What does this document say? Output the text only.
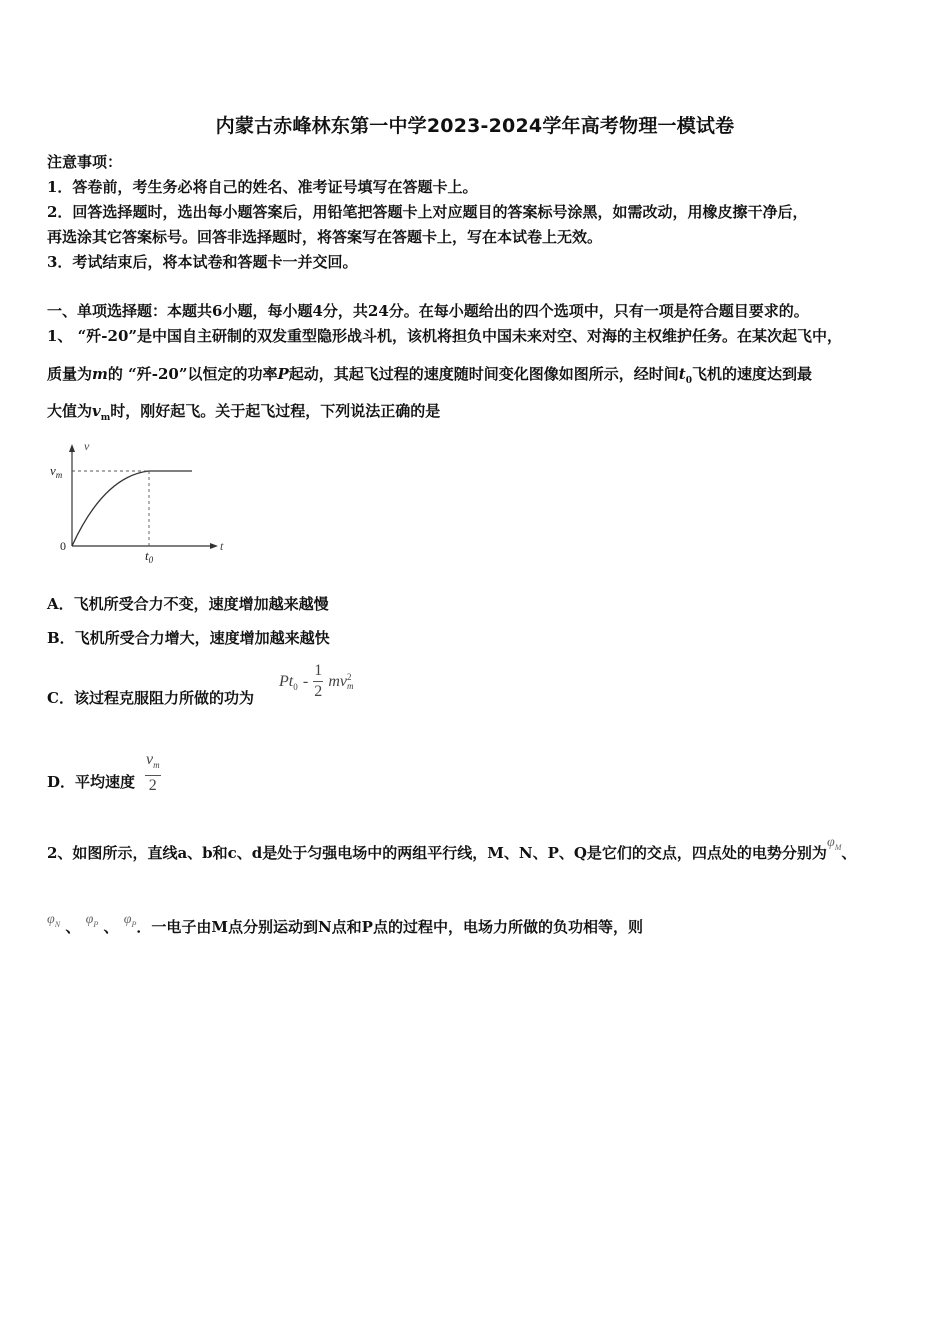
内蒙古赤峰林东第一中学2023-2024学年高考物理一模试卷
注意事项：
1．答卷前，考生务必将自己的姓名、准考证号填写在答题卡上。
2．回答选择题时，选出每小题答案后，用铅笔把答题卡上对应题目的答案标号涂黑，如需改动，用橡皮擦干净后，
再选涂其它答案标号。回答非选择题时，将答案写在答题卡上，写在本试卷上无效。
3．考试结束后，将本试卷和答题卡一并交回。
一、单项选择题：本题共6小题，每小题4分，共24分。在每小题给出的四个选项中，只有一项是符合题目要求的。
1、 “歼-20”是中国自主研制的双发重型隐形战斗机，该机将担负中国未来对空、对海的主权维护任务。在某次起飞中，
质量为m的 “歼-20”以恒定的功率P起动，其起飞过程的速度随时间变化图像如图所示，经时间$t_0$飞机的速度达到最
大值为$v_m$时，刚好起飞。关于起飞过程，下列说法正确的是
v
$v_m$
t
$t_0$
0
A．飞机所受合力不变，速度增加越来越慢
B．飞机所受合力增大，速度增加越来越快
C．该过程克服阻力所做的功为
$Pt_0 - \frac{1}{2}$ mv 2
m
D．平均速度 $\frac{v_m}{2}$
2、如图所示，直线a、b和c、d是处于匀强电场中的两组平行线，M、N、P、Q是它们的交点，四点处的电势分别为$\varphi_M$、
$\varphi_N$ 、 $\varphi_P$ 、 $\varphi_P$．一电子由M点分别运动到N点和P点的过程中，电场力所做的负功相等，则
